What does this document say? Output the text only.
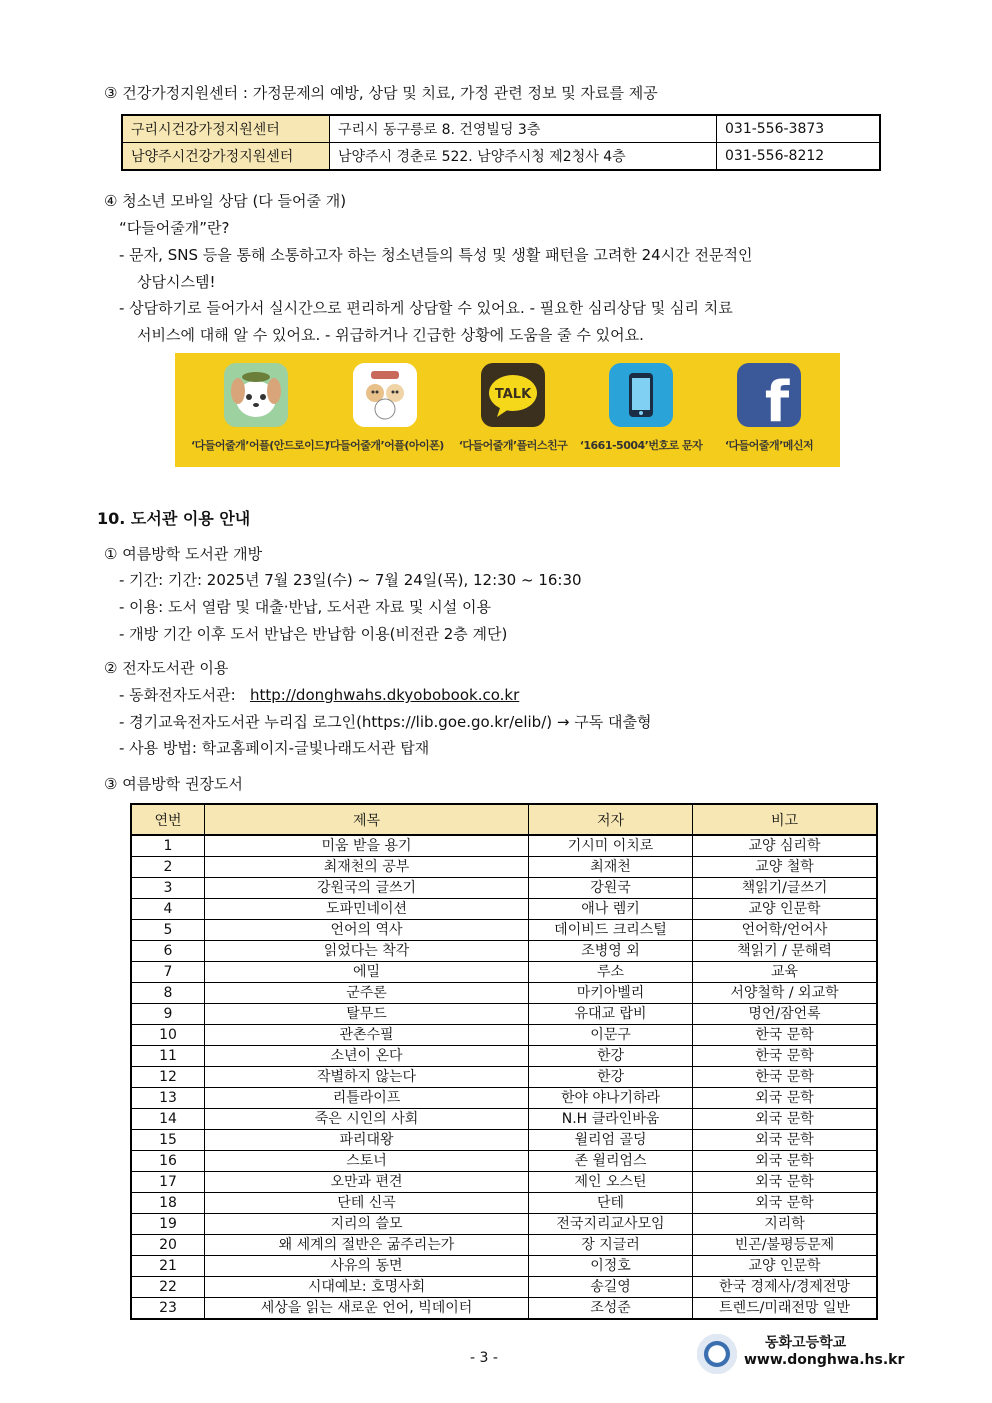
③ 건강가정지원센터 : 가정문제의 예방, 상담 및 치료, 가정 관련 정보 및 자료를 제공
구리시건강가정지원센터	구리시 동구릉로 8. 건영빌딩 3층	031-556-3873
남양주시건강가정지원센터	남양주시 경춘로 522. 남양주시청 제2청사 4층	031-556-8212
④ 청소년 모바일 상담 (다 들어줄 개)
“다들어줄개”란?
- 문자, SNS 등을 통해 소통하고자 하는 청소년들의 특성 및 생활 패턴을 고려한 24시간 전문적인
상담시스템!
- 상담하기로 들어가서 실시간으로 편리하게 상담할 수 있어요. - 필요한 심리상담 및 심리 치료
서비스에 대해 알 수 있어요. - 위급하거나 긴급한 상황에 도움을 줄 수 있어요.
‘다들어줄개’어플(안드로이드)
‘다들어줄개’어플(아이폰)
TALK
‘다들어줄개’플러스친구	‘1661-5004’번호로 문자
f
‘다들어줄개’메신저
10. 도서관 이용 안내
① 여름방학 도서관 개방
- 기간: 기간: 2025년 7월 23일(수) ~ 7월 24일(목), 12:30 ~ 16:30
- 이용: 도서 열람 및 대출·반납, 도서관 자료 및 시설 이용
- 개방 기간 이후 도서 반납은 반납함 이용(비전관 2층 계단)
② 전자도서관 이용
- 동화전자도서관: http://donghwahs.dkyobobook.co.kr
- 경기교육전자도서관 누리집 로그인(https://lib.goe.go.kr/elib/) → 구독 대출형
- 사용 방법: 학교홈페이지-글빛나래도서관 탑재
③ 여름방학 권장도서
연번	제목	저자	비고
1	미움 받을 용기	기시미 이치로	교양 심리학
2	최재천의 공부	최재천	교양 철학
3	강원국의 글쓰기	강원국	책읽기/글쓰기
4	도파민네이션	애나 렘키	교양 인문학
5	언어의 역사	데이비드 크리스털	언어학/언어사
6	읽었다는 착각	조병영 외	책읽기 / 문해력
7	에밀	루소	교육
8	군주론	마키아벨리	서양철학 / 외교학
9	탈무드	유대교 랍비	명언/잠언록
10	관촌수필	이문구	한국 문학
11	소년이 온다	한강	한국 문학
12	작별하지 않는다	한강	한국 문학
13	리틀라이프	한야 야나기하라	외국 문학
14	죽은 시인의 사회	N.H 클라인바움	외국 문학
15	파리대왕	윌리엄 골딩	외국 문학
16	스토너	존 윌리엄스	외국 문학
17	오만과 편견	제인 오스틴	외국 문학
18	단테 신곡	단테	외국 문학
19	지리의 쓸모	전국지리교사모임	지리학
20	왜 세계의 절반은 굶주리는가	장 지글러	빈곤/불평등문제
21	사유의 동면	이정호	교양 인문학
22	시대예보: 호명사회	송길영	한국 경제사/경제전망
23	세상을 읽는 새로운 언어, 빅데이터	조성준	트렌드/미래전망 일반
- 3 -
동화고등학교
www.donghwa.hs.kr
